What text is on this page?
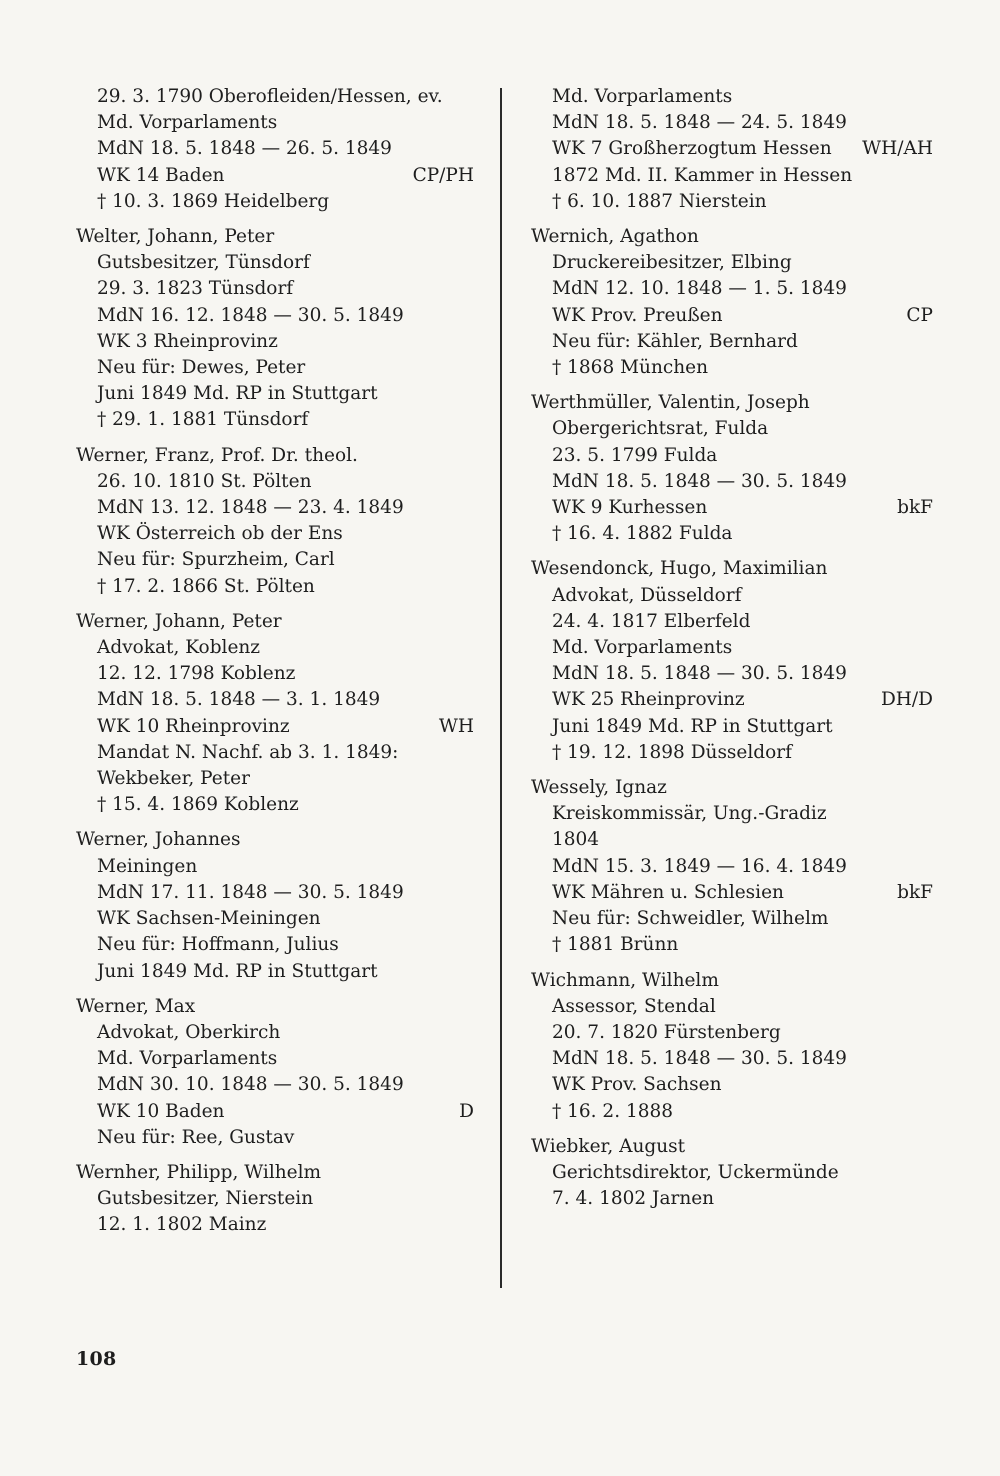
29. 3. 1790 Oberofleiden/Hessen, ev.
Md. Vorparlaments
MdN 18. 5. 1848 — 26. 5. 1849
WK 14 Baden	CP/PH
† 10. 3. 1869 Heidelberg
Welter, Johann, Peter
Gutsbesitzer, Tünsdorf
29. 3. 1823 Tünsdorf
MdN 16. 12. 1848 — 30. 5. 1849
WK 3 Rheinprovinz
Neu für: Dewes, Peter
Juni 1849 Md. RP in Stuttgart
† 29. 1. 1881 Tünsdorf
Werner, Franz, Prof. Dr. theol.
26. 10. 1810 St. Pölten
MdN 13. 12. 1848 — 23. 4. 1849
WK Österreich ob der Ens
Neu für: Spurzheim, Carl
† 17. 2. 1866 St. Pölten
Werner, Johann, Peter
Advokat, Koblenz
12. 12. 1798 Koblenz
MdN 18. 5. 1848 — 3. 1. 1849
WK 10 Rheinprovinz	WH
Mandat N. Nachf. ab 3. 1. 1849:
Wekbeker, Peter
† 15. 4. 1869 Koblenz
Werner, Johannes
Meiningen
MdN 17. 11. 1848 — 30. 5. 1849
WK Sachsen-Meiningen
Neu für: Hoffmann, Julius
Juni 1849 Md. RP in Stuttgart
Werner, Max
Advokat, Oberkirch
Md. Vorparlaments
MdN 30. 10. 1848 — 30. 5. 1849
WK 10 Baden	D
Neu für: Ree, Gustav
Wernher, Philipp, Wilhelm
Gutsbesitzer, Nierstein
12. 1. 1802 Mainz
Md. Vorparlaments
MdN 18. 5. 1848 — 24. 5. 1849
WK 7 Großherzogtum Hessen	WH/AH
1872 Md. II. Kammer in Hessen
† 6. 10. 1887 Nierstein
Wernich, Agathon
Druckereibesitzer, Elbing
MdN 12. 10. 1848 — 1. 5. 1849
WK Prov. Preußen	CP
Neu für: Kähler, Bernhard
† 1868 München
Werthmüller, Valentin, Joseph
Obergerichtsrat, Fulda
23. 5. 1799 Fulda
MdN 18. 5. 1848 — 30. 5. 1849
WK 9 Kurhessen	bkF
† 16. 4. 1882 Fulda
Wesendonck, Hugo, Maximilian
Advokat, Düsseldorf
24. 4. 1817 Elberfeld
Md. Vorparlaments
MdN 18. 5. 1848 — 30. 5. 1849
WK 25 Rheinprovinz	DH/D
Juni 1849 Md. RP in Stuttgart
† 19. 12. 1898 Düsseldorf
Wessely, Ignaz
Kreiskommissär, Ung.-Gradiz
1804
MdN 15. 3. 1849 — 16. 4. 1849
WK Mähren u. Schlesien	bkF
Neu für: Schweidler, Wilhelm
† 1881 Brünn
Wichmann, Wilhelm
Assessor, Stendal
20. 7. 1820 Fürstenberg
MdN 18. 5. 1848 — 30. 5. 1849
WK Prov. Sachsen
† 16. 2. 1888
Wiebker, August
Gerichtsdirektor, Uckermünde
7. 4. 1802 Jarnen
108
